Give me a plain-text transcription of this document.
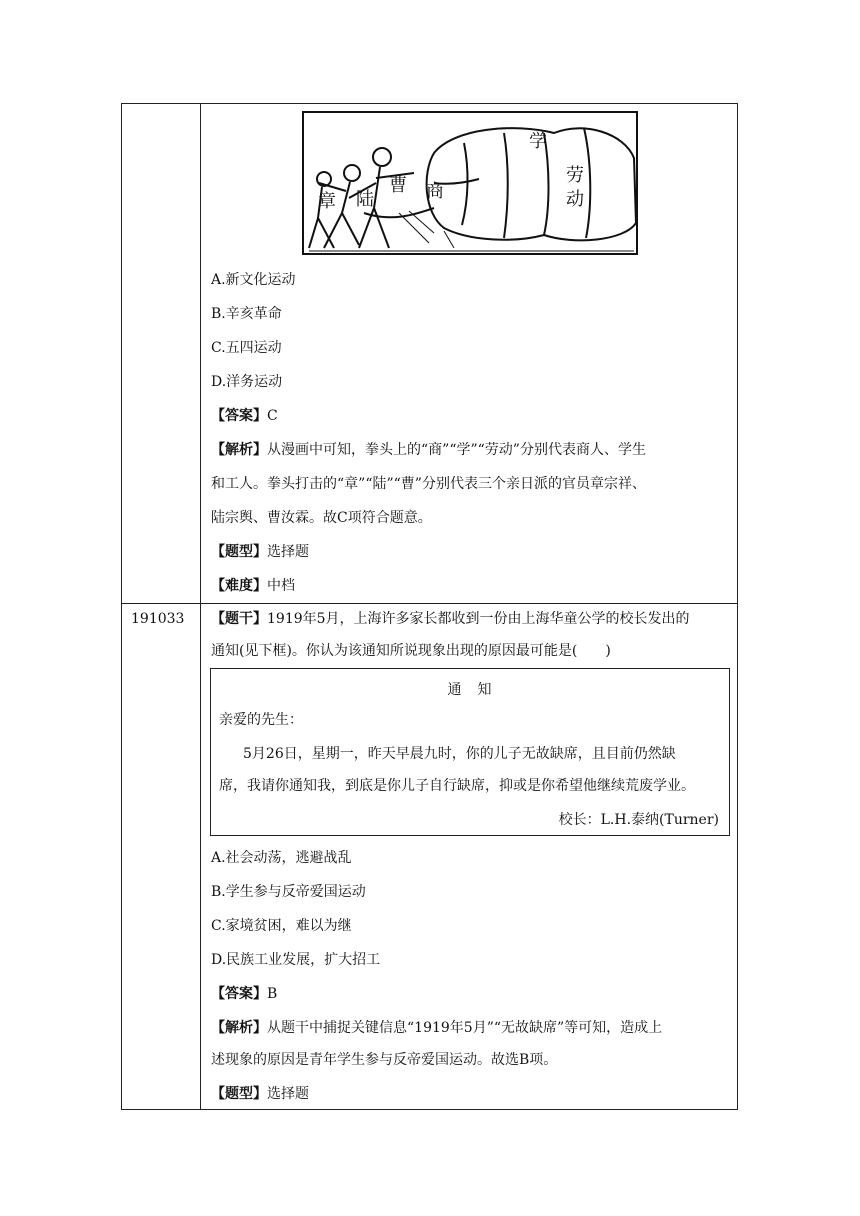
章 陆
曹 商
学
劳
动
A.新文化运动
B.辛亥革命
C.五四运动
D.洋务运动
【答案】C
【解析】从漫画中可知，拳头上的“商”“学”“劳动”分别代表商人、学生
和工人。拳头打击的“章”“陆”“曹”分别代表三个亲日派的官员章宗祥、
陆宗舆、曹汝霖。故C项符合题意。
【题型】选择题
【难度】中档
191033 【题干】1919年5月，上海许多家长都收到一份由上海华童公学的校长发出的
通知(见下框)。你认为该通知所说现象出现的原因最可能是(　　)
通　知
亲爱的先生：
5月26日，星期一，昨天早晨九时，你的儿子无故缺席，且目前仍然缺
席，我请你通知我，到底是你儿子自行缺席，抑或是你希望他继续荒废学业。
校长：L.H.泰纳(Turner)
A.社会动荡，逃避战乱
B.学生参与反帝爱国运动
C.家境贫困，难以为继
D.民族工业发展，扩大招工
【答案】B
【解析】从题干中捕捉关键信息“1919年5月”“无故缺席”等可知，造成上
述现象的原因是青年学生参与反帝爱国运动。故选B项。
【题型】选择题
